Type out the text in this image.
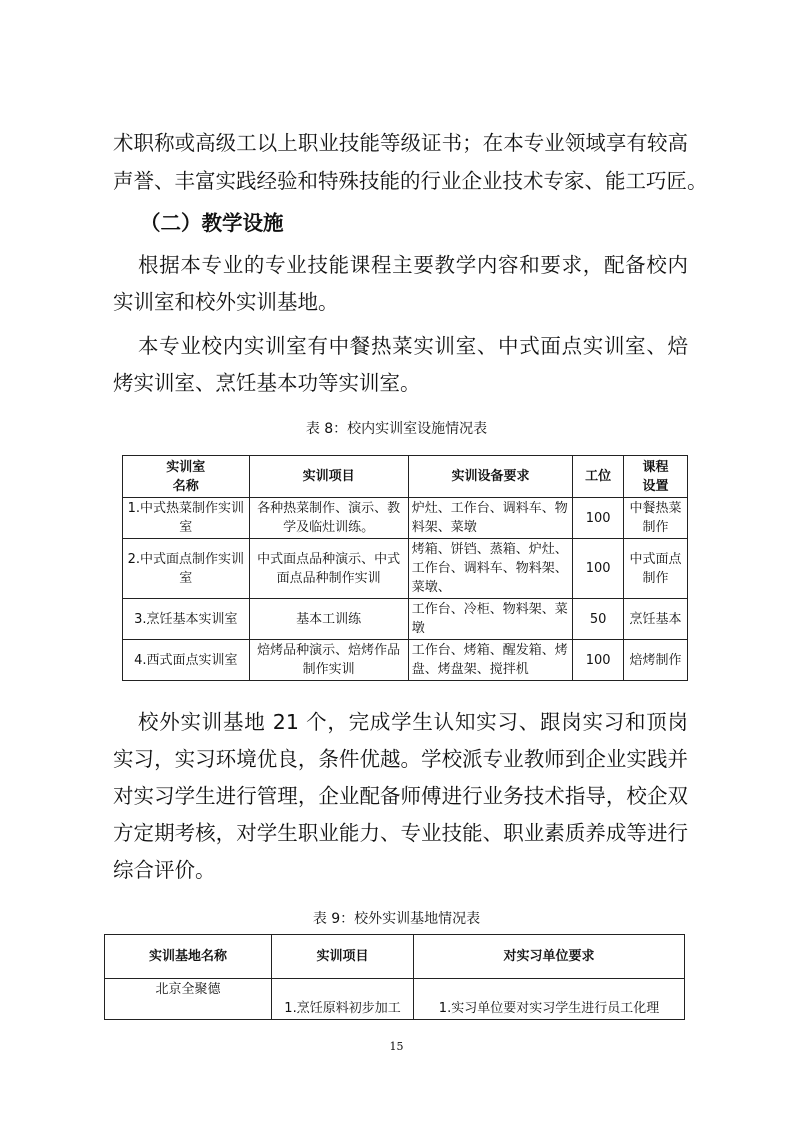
术职称或高级工以上职业技能等级证书；在本专业领域享有较高
声誉、丰富实践经验和特殊技能的行业企业技术专家、能工巧匠。
（二）教学设施
根据本专业的专业技能课程主要教学内容和要求，配备校内
实训室和校外实训基地。
本专业校内实训室有中餐热菜实训室、中式面点实训室、焙
烤实训室、烹饪基本功等实训室。
表 8：校内实训室设施情况表
实训室
名称	实训项目	实训设备要求	工位	课程
设置
1.中式热菜制作实训室	各种热菜制作、演示、教学及临灶训练。	炉灶、工作台、调料车、物料架、菜墩	100	中餐热菜制作
2.中式面点制作实训室	中式面点品种演示、中式面点品种制作实训	烤箱、饼铛、蒸箱、炉灶、工作台、调料车、物料架、菜墩、	100	中式面点制作
3.烹饪基本实训室	基本工训练	工作台、冷柜、物料架、菜墩	50	烹饪基本
4.西式面点实训室	焙烤品种演示、焙烤作品制作实训	工作台、烤箱、醒发箱、烤盘、烤盘架、搅拌机	100	焙烤制作
校外实训基地 21 个，完成学生认知实习、跟岗实习和顶岗
实习，实习环境优良，条件优越。学校派专业教师到企业实践并
对实习学生进行管理，企业配备师傅进行业务技术指导，校企双
方定期考核，对学生职业能力、专业技能、职业素质养成等进行
综合评价。
表 9：校外实训基地情况表
实训基地名称	实训项目	对实习单位要求
北京全聚德	1.烹饪原料初步加工	1.实习单位要对实习学生进行员工化理
15
